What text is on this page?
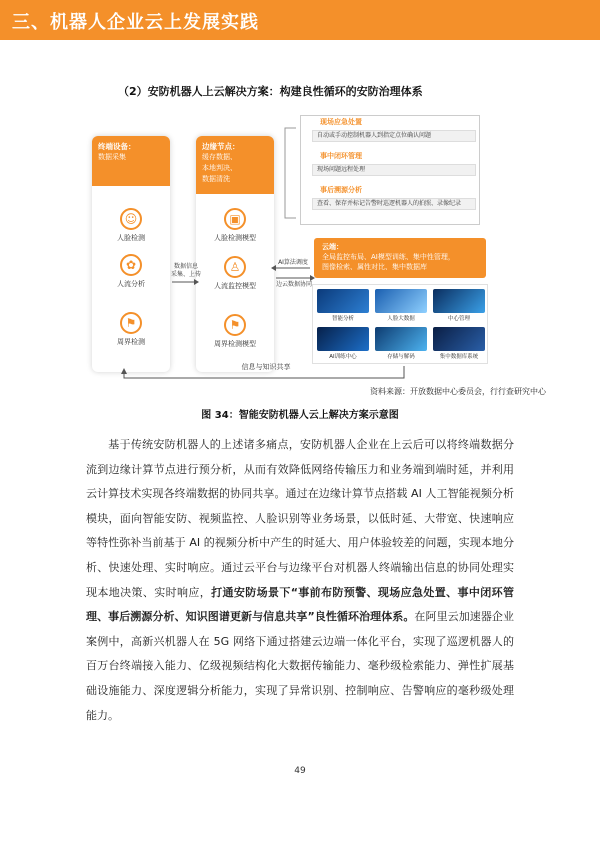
三、机器人企业云上发展实践
（2）安防机器人上云解决方案：构建良性循环的安防治理体系
终端设备：
数据采集
☺
人脸检测
✿
人流分析
⚑
周界检测
边缘节点：
缓存数据、
本地判决、
数据清洗
▣
人脸检测模型
♙
人流监控模型
⚑
周界检测模型
数据信息
采集、上传
AI算法调度
边云数据协同
信息与知识共享
现场应急处置
自动或手动控制机器人到指定点位确认问题
事中闭环管理
现场问题远程处理
事后溯源分析
查看、保存并标记告警时巡逻机器人的拍照、录像纪录
云端：
全局监控布局、AI模型训练、集中性管理，
图像检索、属性对比、集中数据库
智能分析	人脸大数据	中心管理
AI训练中心	存储与解码	集中数据库系统
资料来源：开放数据中心委员会，行行查研究中心
图 34：智能安防机器人云上解决方案示意图
基于传统安防机器人的上述诸多痛点，安防机器人企业在上云后可以将终端数据分流到边缘计算节点进行预分析，从而有效降低网络传输压力和业务端到端时延，并利用云计算技术实现各终端数据的协同共享。通过在边缘计算节点搭载 AI 人工智能视频分析模块，面向智能安防、视频监控、人脸识别等业务场景，以低时延、大带宽、快速响应等特性弥补当前基于 AI 的视频分析中产生的时延大、用户体验较差的问题，实现本地分析、快速处理、实时响应。通过云平台与边缘平台对机器人终端输出信息的协同处理实现本地决策、实时响应，打通安防场景下“事前布防预警、现场应急处置、事中闭环管理、事后溯源分析、知识图谱更新与信息共享”良性循环治理体系。在阿里云加速器企业案例中，高新兴机器人在 5G 网络下通过搭建云边端一体化平台，实现了巡逻机器人的百万台终端接入能力、亿级视频结构化大数据传输能力、毫秒级检索能力、弹性扩展基础设施能力、深度逻辑分析能力，实现了异常识别、控制响应、告警响应的毫秒级处理能力。
49
